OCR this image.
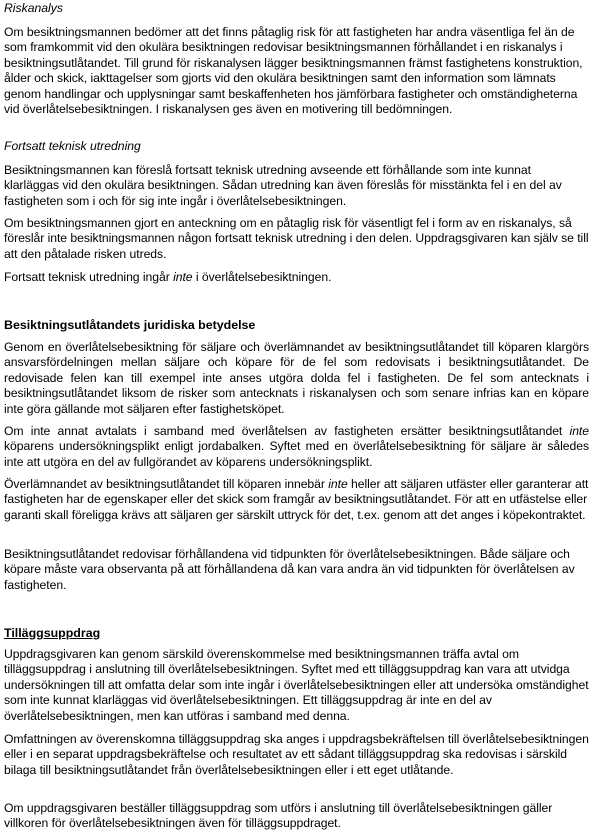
Riskanalys

Om besiktningsmannen bedömer att det finns påtaglig risk för att fastigheten har andra väsentliga fel än de som framkommit vid den okulära besiktningen redovisar besiktningsmannen förhållandet i en riskanalys i besiktningsutlåtandet. Till grund för riskanalysen lägger besiktningsmannen främst fastighetens konstruktion, ålder och skick, iakttagelser som gjorts vid den okulära besiktningen samt den information som lämnats genom handlingar och upplysningar samt beskaffenheten hos jämförbara fastigheter och omständigheterna vid överlåtelsebesiktningen. I riskanalysen ges även en motivering till bedömningen.

Fortsatt teknisk utredning

Besiktningsmannen kan föreslå fortsatt teknisk utredning avseende ett förhållande som inte kunnat klarläggas vid den okulära besiktningen. Sådan utredning kan även föreslås för misstänkta fel i en del av fastigheten som i och för sig inte ingår i överlåtelsebesiktningen.

Om besiktningsmannen gjort en anteckning om en påtaglig risk för väsentligt fel i form av en riskanalys, så föreslår inte besiktningsmannen någon fortsatt teknisk utredning i den delen. Uppdragsgivaren kan själv se till att den påtalade risken utreds.

Fortsatt teknisk utredning ingår inte i överlåtelsebesiktningen.

Besiktningsutlåtandets juridiska betydelse

Genom en överlåtelsebesiktning för säljare och överlämnandet av besiktningsutlåtandet till köparen klargörs ansvarsfördelningen mellan säljare och köpare för de fel som redovisats i besiktningsutlåtandet. De redovisade felen kan till exempel inte anses utgöra dolda fel i fastigheten. De fel som antecknats i besiktningsutlåtandet liksom de risker som antecknats i riskanalysen och som senare infrias kan en köpare inte göra gällande mot säljaren efter fastighetsköpet.

Om inte annat avtalats i samband med överlåtelsen av fastigheten ersätter besiktningsutlåtandet inte köparens undersökningsplikt enligt jordabalken. Syftet med en överlåtelsebesiktning för säljare är således inte att utgöra en del av fullgörandet av köparens undersökningsplikt.

Överlämnandet av besiktningsutlåtandet till köparen innebär inte heller att säljaren utfäster eller garanterar att fastigheten har de egenskaper eller det skick som framgår av besiktningsutlåtandet. För att en utfästelse eller garanti skall föreligga krävs att säljaren ger särskilt uttryck för det, t.ex. genom att det anges i köpekontraktet.

Besiktningsutlåtandet redovisar förhållandena vid tidpunkten för överlåtelsebesiktningen. Både säljare och köpare måste vara observanta på att förhållandena då kan vara andra än vid tidpunkten för överlåtelsen av fastigheten.

Tilläggsuppdrag

Uppdragsgivaren kan genom särskild överenskommelse med besiktningsmannen träffa avtal om tilläggsuppdrag i anslutning till överlåtelsebesiktningen. Syftet med ett tilläggsuppdrag kan vara att utvidga undersökningen till att omfatta delar som inte ingår i överlåtelsebesiktningen eller att undersöka omständighet som inte kunnat klarläggas vid överlåtelsebesiktningen. Ett tilläggsuppdrag är inte en del av överlåtelsebesiktningen, men kan utföras i samband med denna.

Omfattningen av överenskomna tilläggsuppdrag ska anges i uppdragsbekräftelsen till överlåtelsebesiktningen eller i en separat uppdragsbekräftelse och resultatet av ett sådant tilläggsuppdrag ska redovisas i särskild bilaga till besiktningsutlåtandet från överlåtelsebesiktningen eller i ett eget utlåtande.

Om uppdragsgivaren beställer tilläggsuppdrag som utförs i anslutning till överlåtelsebesiktningen gäller villkoren för överlåtelsebesiktningen även för tilläggsuppdraget.
